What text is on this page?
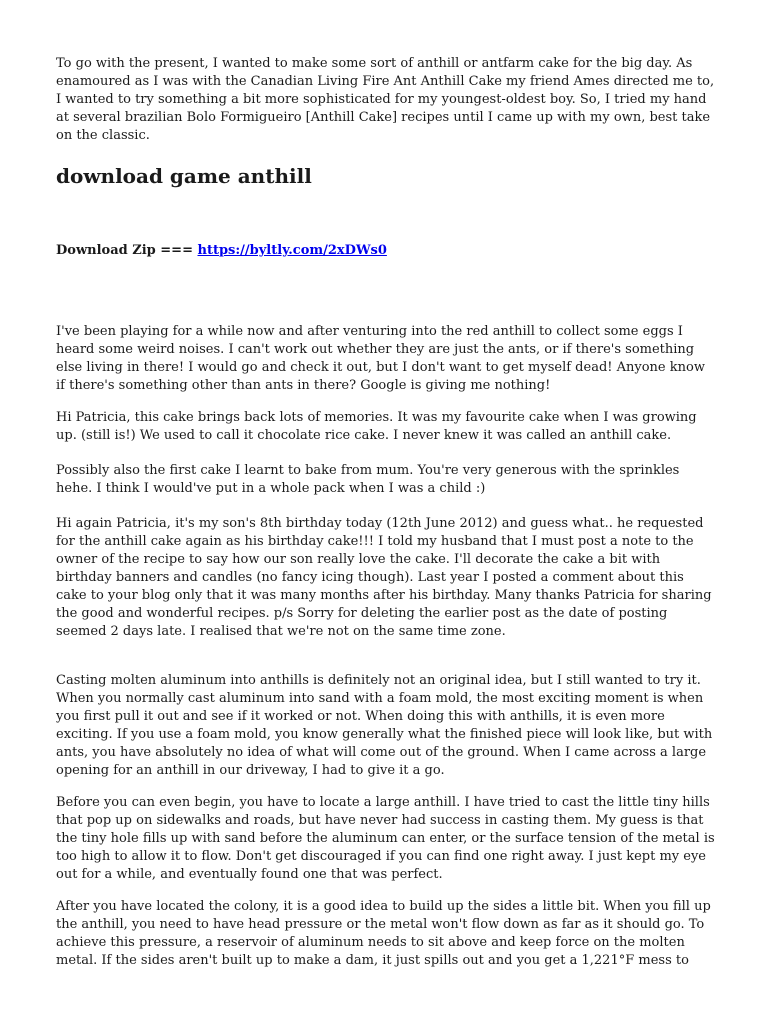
To go with the present, I wanted to make some sort of anthill or antfarm cake for the big day. As enamoured as I was with the Canadian Living Fire Ant Anthill Cake my friend Ames directed me to, I wanted to try something a bit more sophisticated for my youngest-oldest boy. So, I tried my hand at several brazilian Bolo Formigueiro [Anthill Cake] recipes until I came up with my own, best take on the classic.

download game anthill
Download Zip === https://byltly.com/2xDWs0

I've been playing for a while now and after venturing into the red anthill to collect some eggs I heard some weird noises. I can't work out whether they are just the ants, or if there's something else living in there! I would go and check it out, but I don't want to get myself dead! Anyone know if there's something other than ants in there? Google is giving me nothing!

Hi Patricia, this cake brings back lots of memories. It was my favourite cake when I was growing up. (still is!) We used to call it chocolate rice cake. I never knew it was called an anthill cake.

Possibly also the first cake I learnt to bake from mum. You're very generous with the sprinkles hehe. I think I would've put in a whole pack when I was a child :)

Hi again Patricia, it's my son's 8th birthday today (12th June 2012) and guess what.. he requested for the anthill cake again as his birthday cake!!! I told my husband that I must post a note to the owner of the recipe to say how our son really love the cake. I'll decorate the cake a bit with birthday banners and candles (no fancy icing though). Last year I posted a comment about this cake to your blog only that it was many months after his birthday. Many thanks Patricia for sharing the good and wonderful recipes. p/s Sorry for deleting the earlier post as the date of posting seemed 2 days late. I realised that we're not on the same time zone.

Casting molten aluminum into anthills is definitely not an original idea, but I still wanted to try it. When you normally cast aluminum into sand with a foam mold, the most exciting moment is when you first pull it out and see if it worked or not. When doing this with anthills, it is even more exciting. If you use a foam mold, you know generally what the finished piece will look like, but with ants, you have absolutely no idea of what will come out of the ground. When I came across a large opening for an anthill in our driveway, I had to give it a go.

Before you can even begin, you have to locate a large anthill. I have tried to cast the little tiny hills that pop up on sidewalks and roads, but have never had success in casting them. My guess is that the tiny hole fills up with sand before the aluminum can enter, or the surface tension of the metal is too high to allow it to flow. Don't get discouraged if you can find one right away. I just kept my eye out for a while, and eventually found one that was perfect.

After you have located the colony, it is a good idea to build up the sides a little bit. When you fill up the anthill, you need to have head pressure or the metal won't flow down as far as it should go. To achieve this pressure, a reservoir of aluminum needs to sit above and keep force on the molten metal. If the sides aren't built up to make a dam, it just spills out and you get a 1,221°F mess to
